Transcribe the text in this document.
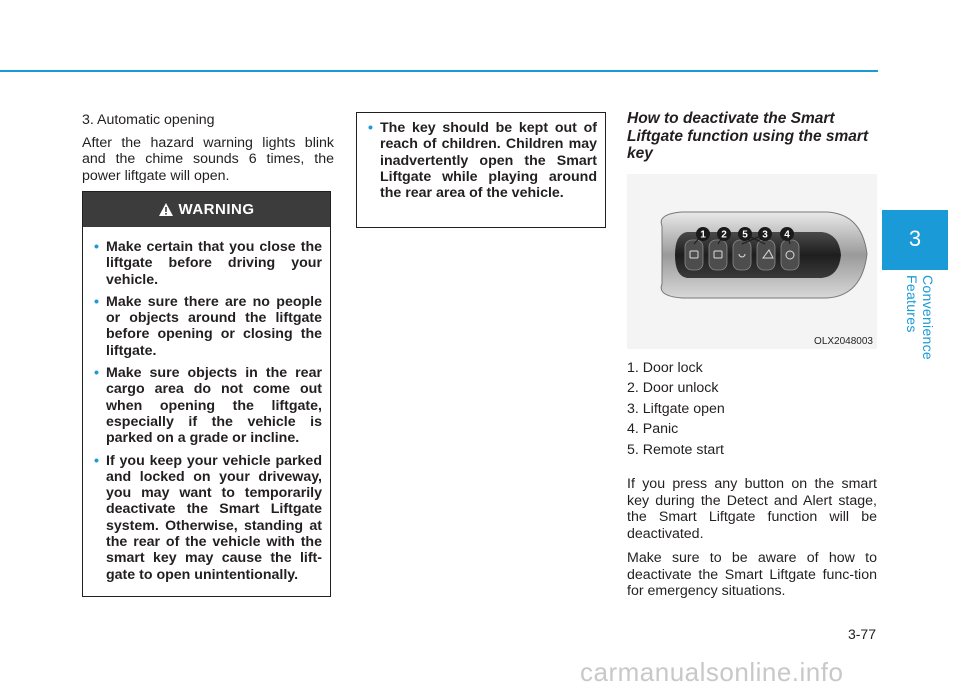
3
Convenience Features

3. Automatic opening

After the hazard warning lights blink and the chime sounds 6 times, the power liftgate will open.

WARNING
• Make certain that you close the liftgate before driving your vehicle.
• Make sure there are no people or objects around the liftgate before opening or closing the liftgate.
• Make sure objects in the rear cargo area do not come out when opening the liftgate, especially if the vehicle is parked on a grade or incline.
• If you keep your vehicle parked and locked on your driveway, you may want to temporarily deactivate the Smart Liftgate system. Otherwise, standing at the rear of the vehicle with the smart key may cause the lift-gate to open unintentionally.
• The key should be kept out of reach of children. Children may inadvertently open the Smart Liftgate while playing around the rear area of the vehicle.
How to deactivate the Smart Liftgate function using the smart key
1 2 5 3 4
OLX2048003
1. Door lock
2. Door unlock
3. Liftgate open
4. Panic
5. Remote start

If you press any button on the smart key during the Detect and Alert stage, the Smart Liftgate function will be deactivated.

Make sure to be aware of how to deactivate the Smart Liftgate func-tion for emergency situations.

3-77
carmanualsonline.info
